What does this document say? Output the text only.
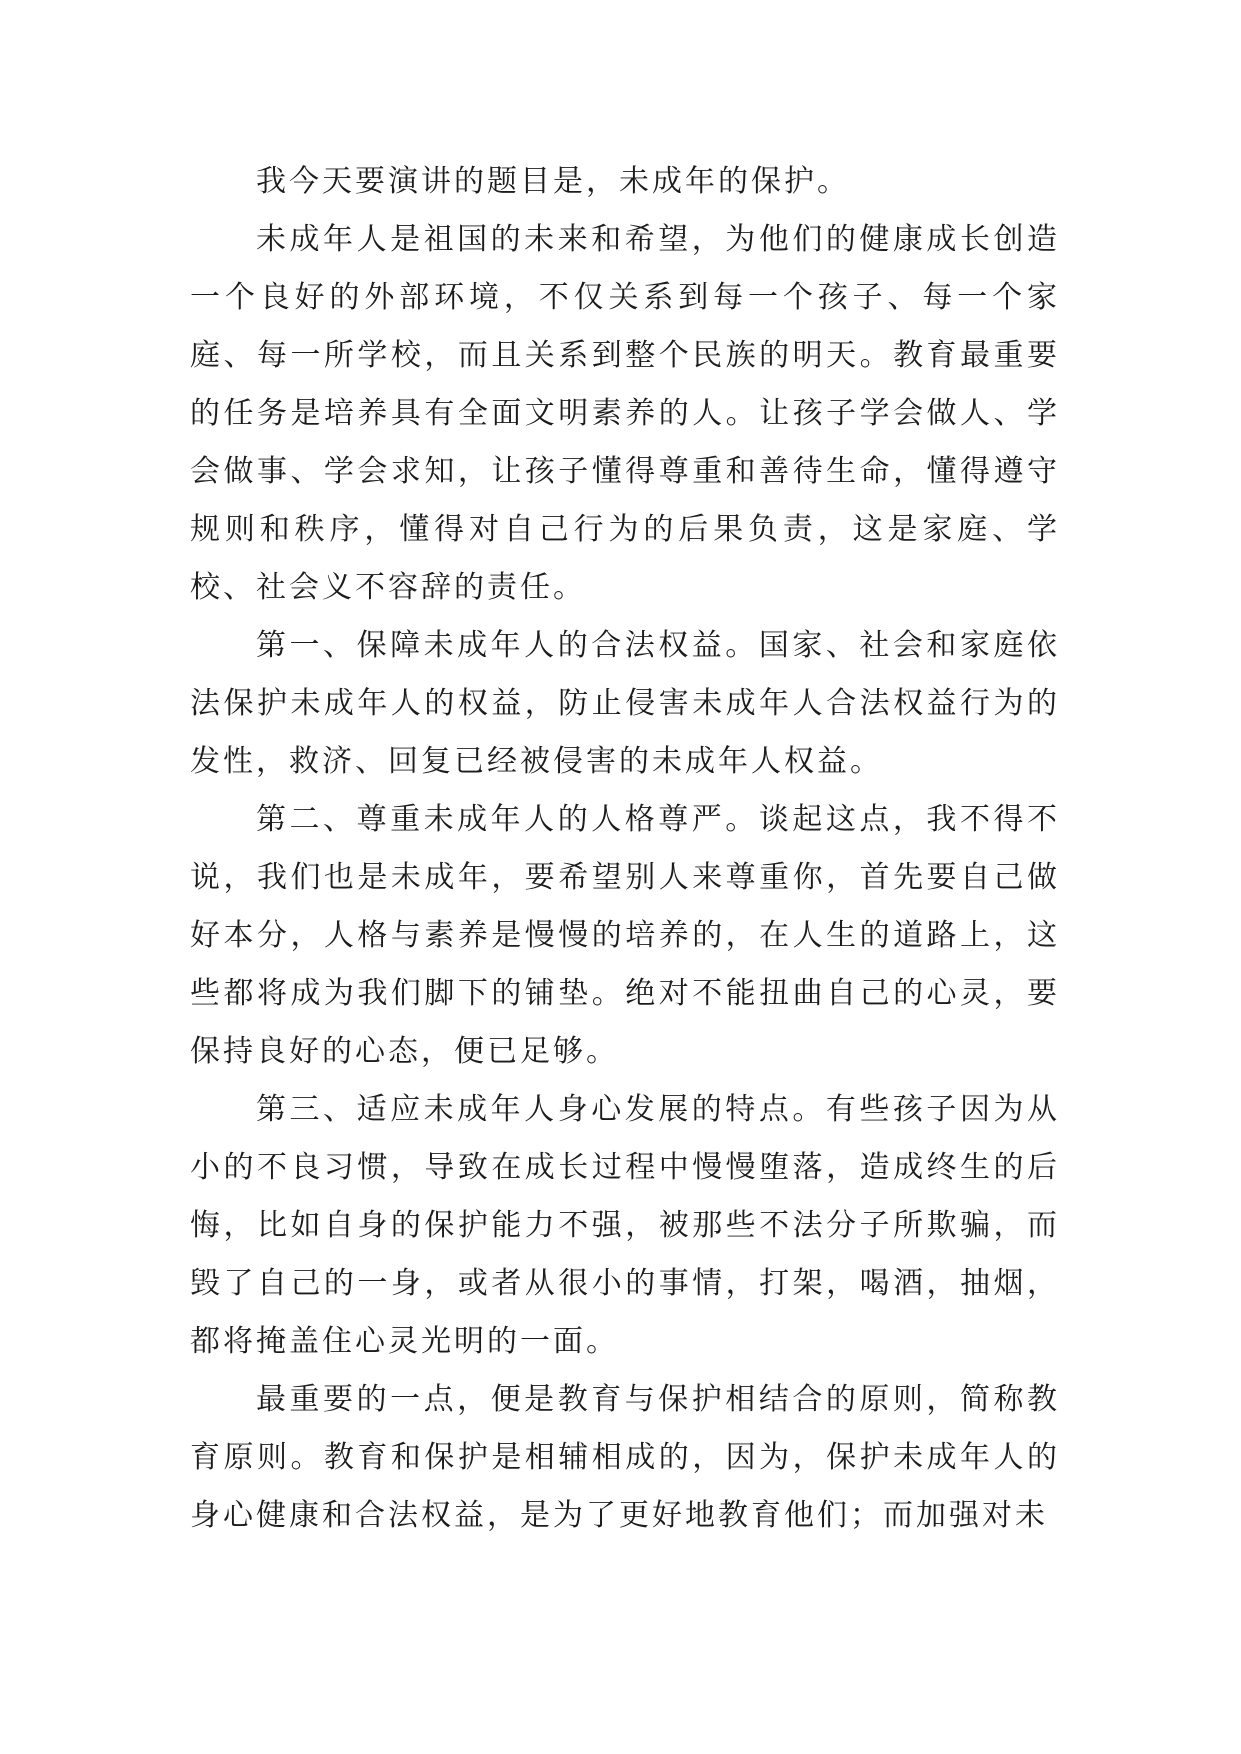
我今天要演讲的题目是，未成年的保护。

未成年人是祖国的未来和希望，为他们的健康成长创造一个良好的外部环境，不仅关系到每一个孩子、每一个家庭、每一所学校，而且关系到整个民族的明天。教育最重要的任务是培养具有全面文明素养的人。让孩子学会做人、学会做事、学会求知，让孩子懂得尊重和善待生命，懂得遵守规则和秩序，懂得对自己行为的后果负责，这是家庭、学校、社会义不容辞的责任。

第一、保障未成年人的合法权益。国家、社会和家庭依法保护未成年人的权益，防止侵害未成年人合法权益行为的发性，救济、回复已经被侵害的未成年人权益。

第二、尊重未成年人的人格尊严。谈起这点，我不得不说，我们也是未成年，要希望别人来尊重你，首先要自己做好本分，人格与素养是慢慢的培养的，在人生的道路上，这些都将成为我们脚下的铺垫。绝对不能扭曲自己的心灵，要保持良好的心态，便已足够。

第三、适应未成年人身心发展的特点。有些孩子因为从小的不良习惯，导致在成长过程中慢慢堕落，造成终生的后悔，比如自身的保护能力不强，被那些不法分子所欺骗，而毁了自己的一身，或者从很小的事情，打架，喝酒，抽烟，都将掩盖住心灵光明的一面。

最重要的一点，便是教育与保护相结合的原则，简称教育原则。教育和保护是相辅相成的，因为，保护未成年人的身心健康和合法权益，是为了更好地教育他们；而加强对未
